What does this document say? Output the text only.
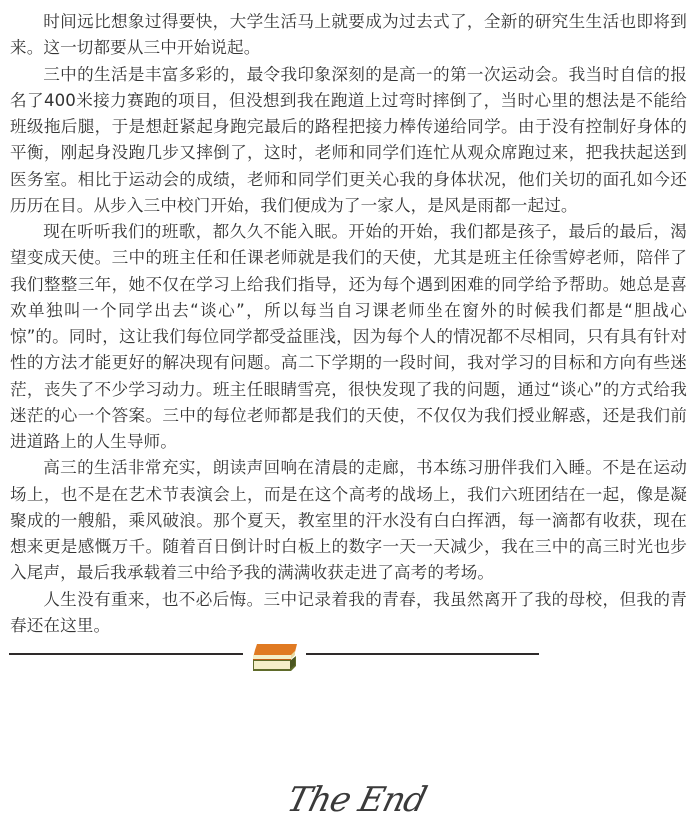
时间远比想象过得要快，大学生活马上就要成为过去式了，全新的研究生生活也即将到来。这一切都要从三中开始说起。

三中的生活是丰富多彩的，最令我印象深刻的是高一的第一次运动会。我当时自信的报名了400米接力赛跑的项目，但没想到我在跑道上过弯时摔倒了，当时心里的想法是不能给班级拖后腿，于是想赶紧起身跑完最后的路程把接力棒传递给同学。由于没有控制好身体的平衡，刚起身没跑几步又摔倒了，这时，老师和同学们连忙从观众席跑过来，把我扶起送到医务室。相比于运动会的成绩，老师和同学们更关心我的身体状况，他们关切的面孔如今还历历在目。从步入三中校门开始，我们便成为了一家人，是风是雨都一起过。

现在听听我们的班歌，都久久不能入眠。开始的开始，我们都是孩子，最后的最后，渴望变成天使。三中的班主任和任课老师就是我们的天使，尤其是班主任徐雪婷老师，陪伴了我们整整三年，她不仅在学习上给我们指导，还为每个遇到困难的同学给予帮助。她总是喜欢单独叫一个同学出去“谈心”，所以每当自习课老师坐在窗外的时候我们都是“胆战心惊”的。同时，这让我们每位同学都受益匪浅，因为每个人的情况都不尽相同，只有具有针对性的方法才能更好的解决现有问题。高二下学期的一段时间，我对学习的目标和方向有些迷茫，丧失了不少学习动力。班主任眼睛雪亮，很快发现了我的问题，通过“谈心”的方式给我迷茫的心一个答案。三中的每位老师都是我们的天使，不仅仅为我们授业解惑，还是我们前进道路上的人生导师。

高三的生活非常充实，朗读声回响在清晨的走廊，书本练习册伴我们入睡。不是在运动场上，也不是在艺术节表演会上，而是在这个高考的战场上，我们六班团结在一起，像是凝聚成的一艘船，乘风破浪。那个夏天，教室里的汗水没有白白挥洒，每一滴都有收获，现在想来更是感慨万千。随着百日倒计时白板上的数字一天一天减少，我在三中的高三时光也步入尾声，最后我承载着三中给予我的满满收获走进了高考的考场。

人生没有重来，也不必后悔。三中记录着我的青春，我虽然离开了我的母校，但我的青春还在这里。

The End
